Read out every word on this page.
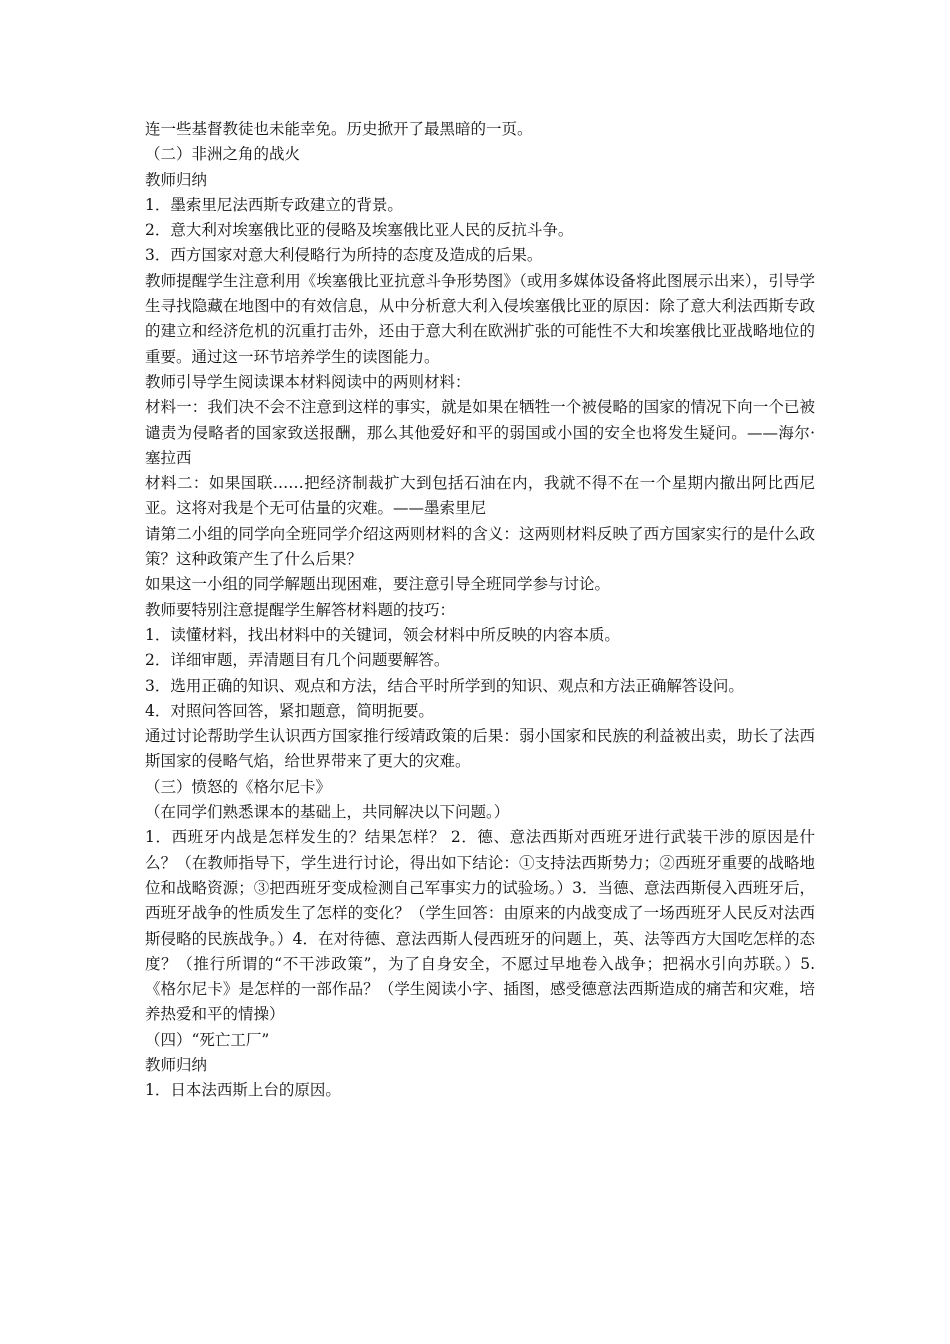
连一些基督教徒也未能幸免。历史掀开了最黑暗的一页。
（二）非洲之角的战火
教师归纳
1．墨索里尼法西斯专政建立的背景。
2．意大利对埃塞俄比亚的侵略及埃塞俄比亚人民的反抗斗争。
3．西方国家对意大利侵略行为所持的态度及造成的后果。
教师提醒学生注意利用《埃塞俄比亚抗意斗争形势图》（或用多媒体设备将此图展示出来），引导学生寻找隐藏在地图中的有效信息，从中分析意大利入侵埃塞俄比亚的原因：除了意大利法西斯专政的建立和经济危机的沉重打击外，还由于意大利在欧洲扩张的可能性不大和埃塞俄比亚战略地位的重要。通过这一环节培养学生的读图能力。
教师引导学生阅读课本材料阅读中的两则材料：
材料一：我们决不会不注意到这样的事实，就是如果在牺牲一个被侵略的国家的情况下向一个已被谴责为侵略者的国家致送报酬，那么其他爱好和平的弱国或小国的安全也将发生疑问。——海尔·塞拉西
材料二：如果国联……把经济制裁扩大到包括石油在内，我就不得不在一个星期内撤出阿比西尼亚。这将对我是个无可估量的灾难。——墨索里尼
请第二小组的同学向全班同学介绍这两则材料的含义：这两则材料反映了西方国家实行的是什么政策？这种政策产生了什么后果？
如果这一小组的同学解题出现困难，要注意引导全班同学参与讨论。
教师要特别注意提醒学生解答材料题的技巧：
1．读懂材料，找出材料中的关键词，领会材料中所反映的内容本质。
2．详细审题，弄清题目有几个问题要解答。
3．选用正确的知识、观点和方法，结合平时所学到的知识、观点和方法正确解答设问。
4．对照问答回答，紧扣题意，简明扼要。
通过讨论帮助学生认识西方国家推行绥靖政策的后果：弱小国家和民族的利益被出卖，助长了法西斯国家的侵略气焰，给世界带来了更大的灾难。
（三）愤怒的《格尔尼卡》
（在同学们熟悉课本的基础上，共同解决以下问题。）
1．西班牙内战是怎样发生的？结果怎样？ 2．德、意法西斯对西班牙进行武装干涉的原因是什么？（在教师指导下，学生进行讨论，得出如下结论：①支持法西斯势力；②西班牙重要的战略地位和战略资源；③把西班牙变成检测自己军事实力的试验场。）3．当德、意法西斯侵入西班牙后，西班牙战争的性质发生了怎样的变化？（学生回答：由原来的内战变成了一场西班牙人民反对法西斯侵略的民族战争。）4．在对待德、意法西斯人侵西班牙的问题上，英、法等西方大国吃怎样的态度？（推行所谓的“不干涉政策”，为了自身安全，不愿过早地卷入战争；把祸水引向苏联。）5.《格尔尼卡》是怎样的一部作品？（学生阅读小字、插图，感受德意法西斯造成的痛苦和灾难，培养热爱和平的情操）
（四）“死亡工厂”
教师归纳
1．日本法西斯上台的原因。
